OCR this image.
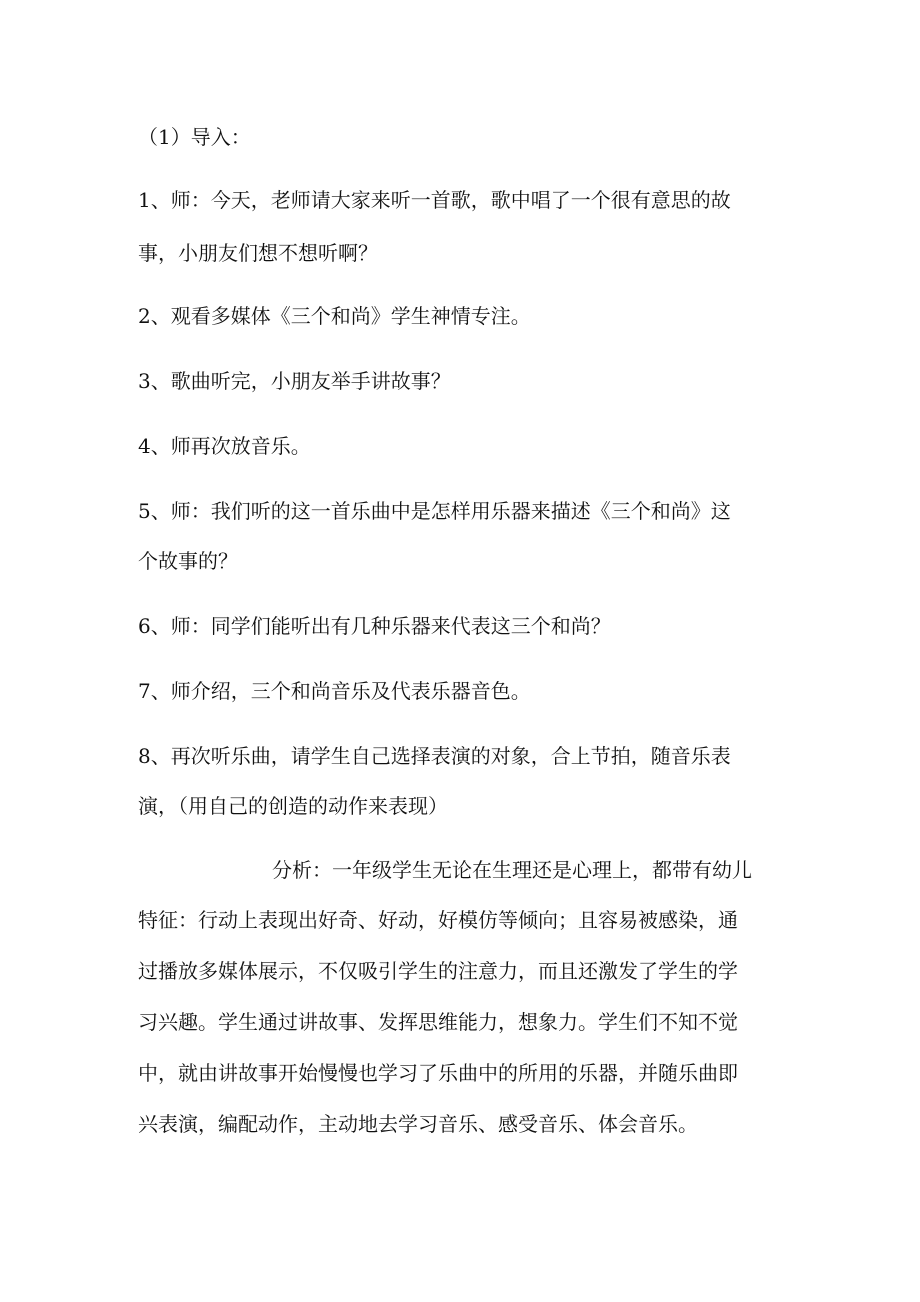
（1）导入：
1、师：今天，老师请大家来听一首歌，歌中唱了一个很有意思的故
事，小朋友们想不想听啊？
2、观看多媒体《三个和尚》学生神情专注。
3、歌曲听完，小朋友举手讲故事？
4、师再次放音乐。
5、师：我们听的这一首乐曲中是怎样用乐器来描述《三个和尚》这
个故事的？
6、师：同学们能听出有几种乐器来代表这三个和尚？
7、师介绍，三个和尚音乐及代表乐器音色。
8、再次听乐曲，请学生自己选择表演的对象，合上节拍，随音乐表
演，（用自己的创造的动作来表现）
分析：一年级学生无论在生理还是心理上，都带有幼儿
特征：行动上表现出好奇、好动，好模仿等倾向；且容易被感染，通
过播放多媒体展示，不仅吸引学生的注意力，而且还激发了学生的学
习兴趣。学生通过讲故事、发挥思维能力，想象力。学生们不知不觉
中，就由讲故事开始慢慢也学习了乐曲中的所用的乐器，并随乐曲即
兴表演，编配动作，主动地去学习音乐、感受音乐、体会音乐。
